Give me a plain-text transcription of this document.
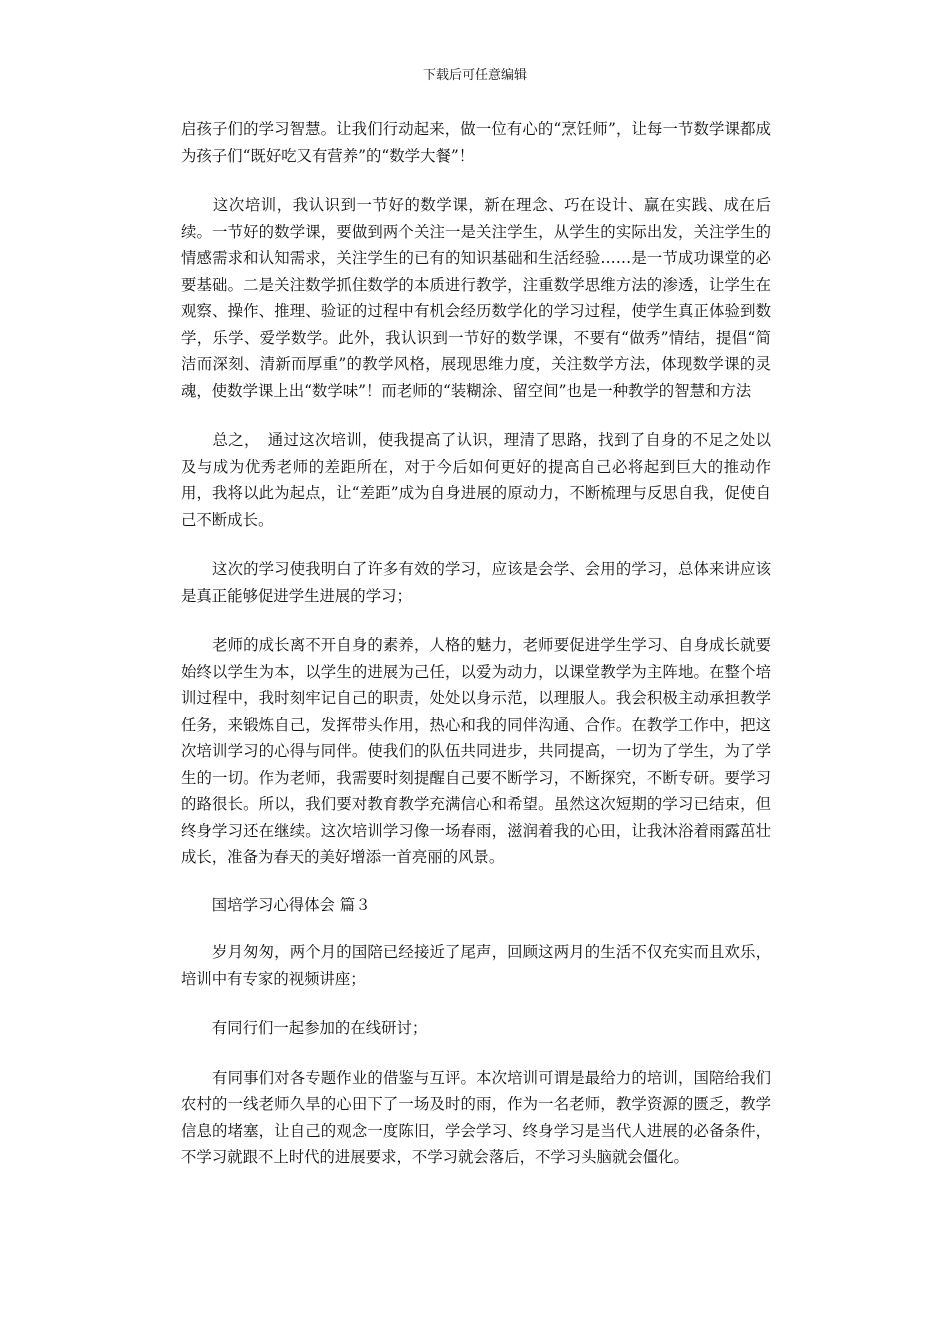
下载后可任意编辑

启孩子们的学习智慧。让我们行动起来，做一位有心的“烹饪师”，让每一节数学课都成为孩子们“既好吃又有营养”的“数学大餐”！

　　这次培训，我认识到一节好的数学课，新在理念、巧在设计、赢在实践、成在后续。一节好的数学课，要做到两个关注一是关注学生，从学生的实际出发，关注学生的情感需求和认知需求，关注学生的已有的知识基础和生活经验……是一节成功课堂的必要基础。二是关注数学抓住数学的本质进行教学，注重数学思维方法的渗透，让学生在观察、操作、推理、验证的过程中有机会经历数学化的学习过程，使学生真正体验到数学，乐学、爱学数学。此外，我认识到一节好的数学课，不要有“做秀”情结，提倡“简洁而深刻、清新而厚重”的教学风格，展现思维力度，关注数学方法，体现数学课的灵魂，使数学课上出“数学味”！而老师的“装糊涂、留空间”也是一种教学的智慧和方法

　　总之，　通过这次培训，使我提高了认识，理清了思路，找到了自身的不足之处以及与成为优秀老师的差距所在，对于今后如何更好的提高自己必将起到巨大的推动作用，我将以此为起点，让“差距”成为自身进展的原动力，不断梳理与反思自我，促使自己不断成长。

　　这次的学习使我明白了许多有效的学习，应该是会学、会用的学习，总体来讲应该是真正能够促进学生进展的学习；

　　老师的成长离不开自身的素养，人格的魅力，老师要促进学生学习、自身成长就要始终以学生为本，以学生的进展为己任，以爱为动力，以课堂教学为主阵地。在整个培训过程中，我时刻牢记自己的职责，处处以身示范，以理服人。我会积极主动承担教学任务，来锻炼自己，发挥带头作用，热心和我的同伴沟通、合作。在教学工作中，把这次培训学习的心得与同伴。使我们的队伍共同进步，共同提高，一切为了学生，为了学生的一切。作为老师，我需要时刻提醒自己要不断学习，不断探究，不断专研。要学习的路很长。所以，我们要对教育教学充满信心和希望。虽然这次短期的学习已结束，但终身学习还在继续。这次培训学习像一场春雨，滋润着我的心田，让我沐浴着雨露茁壮成长，准备为春天的美好增添一首亮丽的风景。

　　国培学习心得体会 篇３

　　岁月匆匆，两个月的国陪已经接近了尾声，回顾这两月的生活不仅充实而且欢乐，培训中有专家的视频讲座；

　　有同行们一起参加的在线研讨；

　　有同事们对各专题作业的借鉴与互评。本次培训可谓是最给力的培训，国陪给我们农村的一线老师久旱的心田下了一场及时的雨，作为一名老师，教学资源的匮乏，教学信息的堵塞，让自己的观念一度陈旧，学会学习、终身学习是当代人进展的必备条件，不学习就跟不上时代的进展要求，不学习就会落后，不学习头脑就会僵化。
